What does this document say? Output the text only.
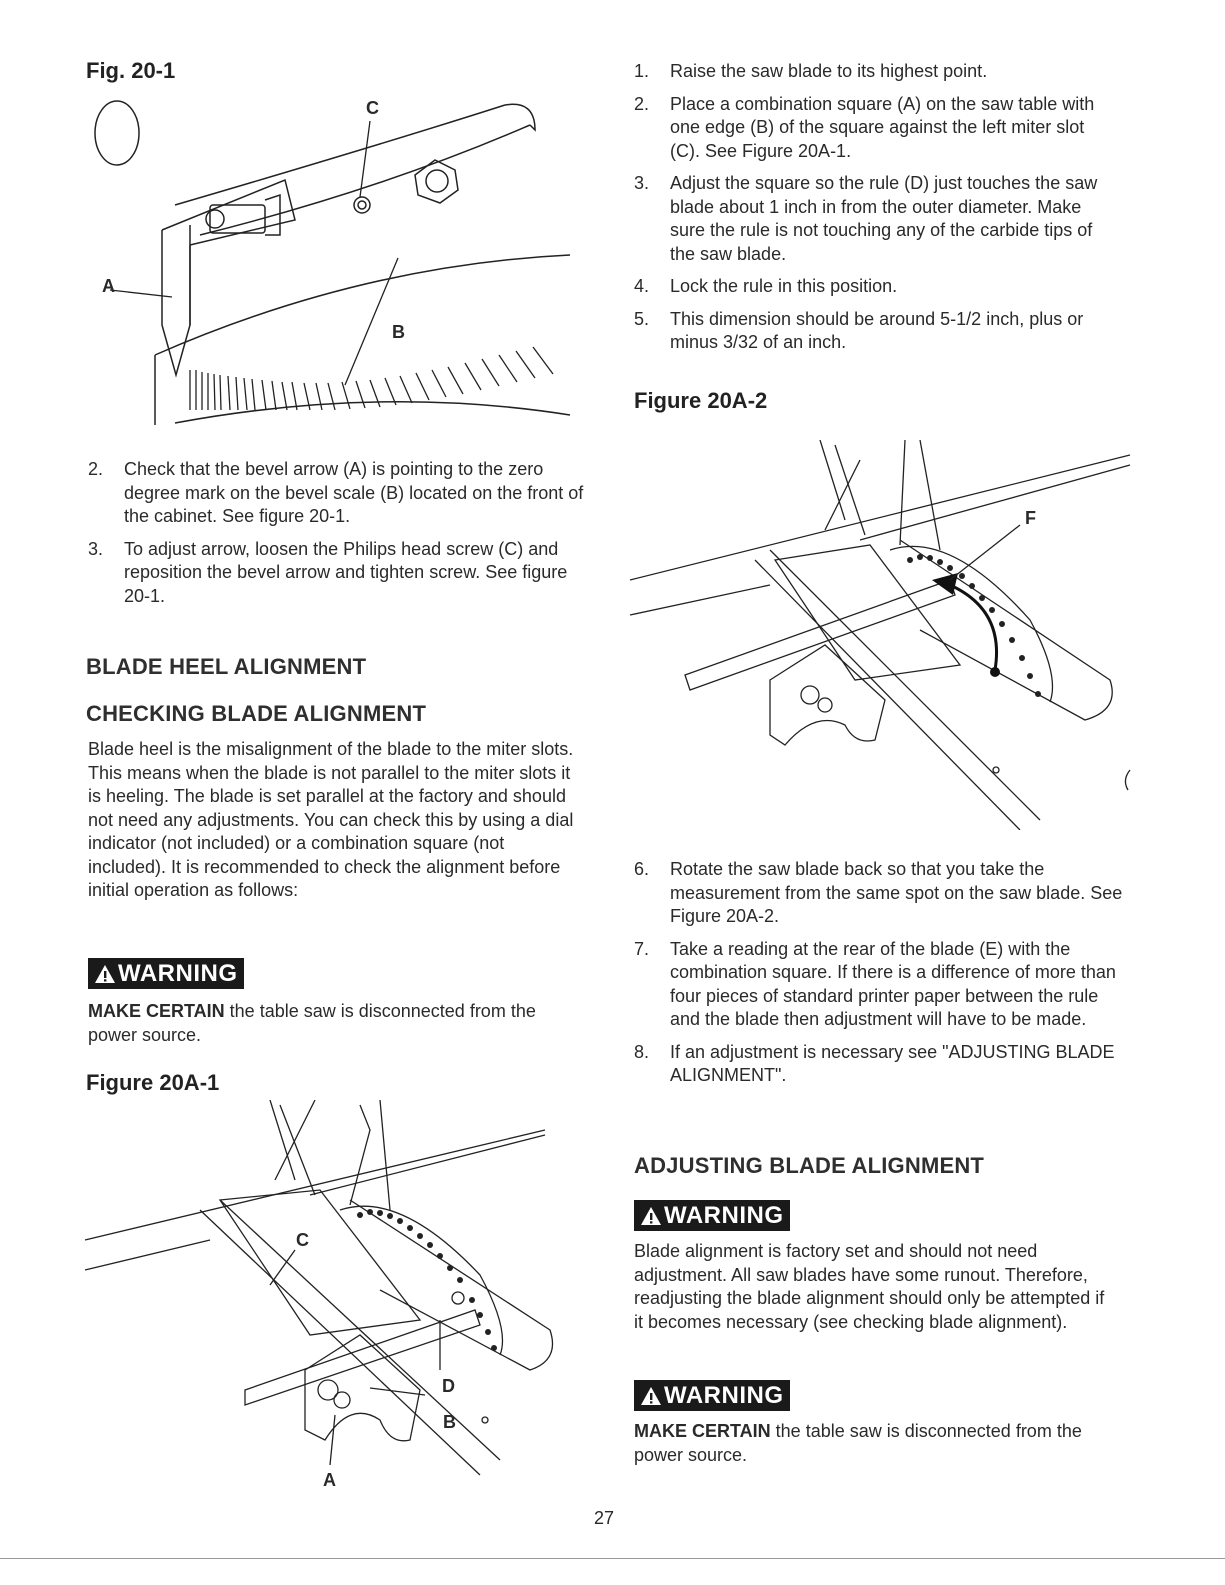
Fig. 20-1
C
A
B
2. Check that the bevel arrow (A) is pointing to the zero degree mark on the bevel scale (B) located on the front of the cabinet. See figure 20-1.
3. To adjust arrow, loosen the Philips head screw (C) and reposition the bevel arrow and tighten screw. See figure 20-1.
BLADE HEEL ALIGNMENT
CHECKING BLADE ALIGNMENT

Blade heel is the misalignment of the blade to the miter slots. This means when the blade is not parallel to the miter slots it is heeling. The blade is set parallel at the factory and should not need any adjustments. You can check this by using a dial indicator (not included) or a combination square (not included). It is recommended to check the alignment before initial operation as follows:

WARNING

MAKE CERTAIN the table saw is disconnected from the power source.

Figure 20A-1
C
D
B
A
1. Raise the saw blade to its highest point.
2. Place a combination square (A) on the saw table with one edge (B) of the square against the left miter slot (C). See Figure 20A-1.
3. Adjust the square so the rule (D) just touches the saw blade about 1 inch in from the outer diameter. Make sure the rule is not touching any of the carbide tips of the saw blade.
4. Lock the rule in this position.
5. This dimension should be around 5-1/2 inch, plus or minus 3/32 of an inch.
Figure 20A-2
F
6. Rotate the saw blade back so that you take the measurement from the same spot on the saw blade. See Figure 20A-2.
7. Take a reading at the rear of the blade (E) with the combination square. If there is a difference of more than four pieces of standard printer paper between the rule and the blade then adjustment will have to be made.
8. If an adjustment is necessary see "ADJUSTING BLADE ALIGNMENT".
ADJUSTING BLADE ALIGNMENT
WARNING

Blade alignment is factory set and should not need adjustment. All saw blades have some runout. Therefore, readjusting the blade alignment should only be attempted if it becomes necessary (see checking blade alignment).

WARNING

MAKE CERTAIN the table saw is disconnected from the power source.

27
